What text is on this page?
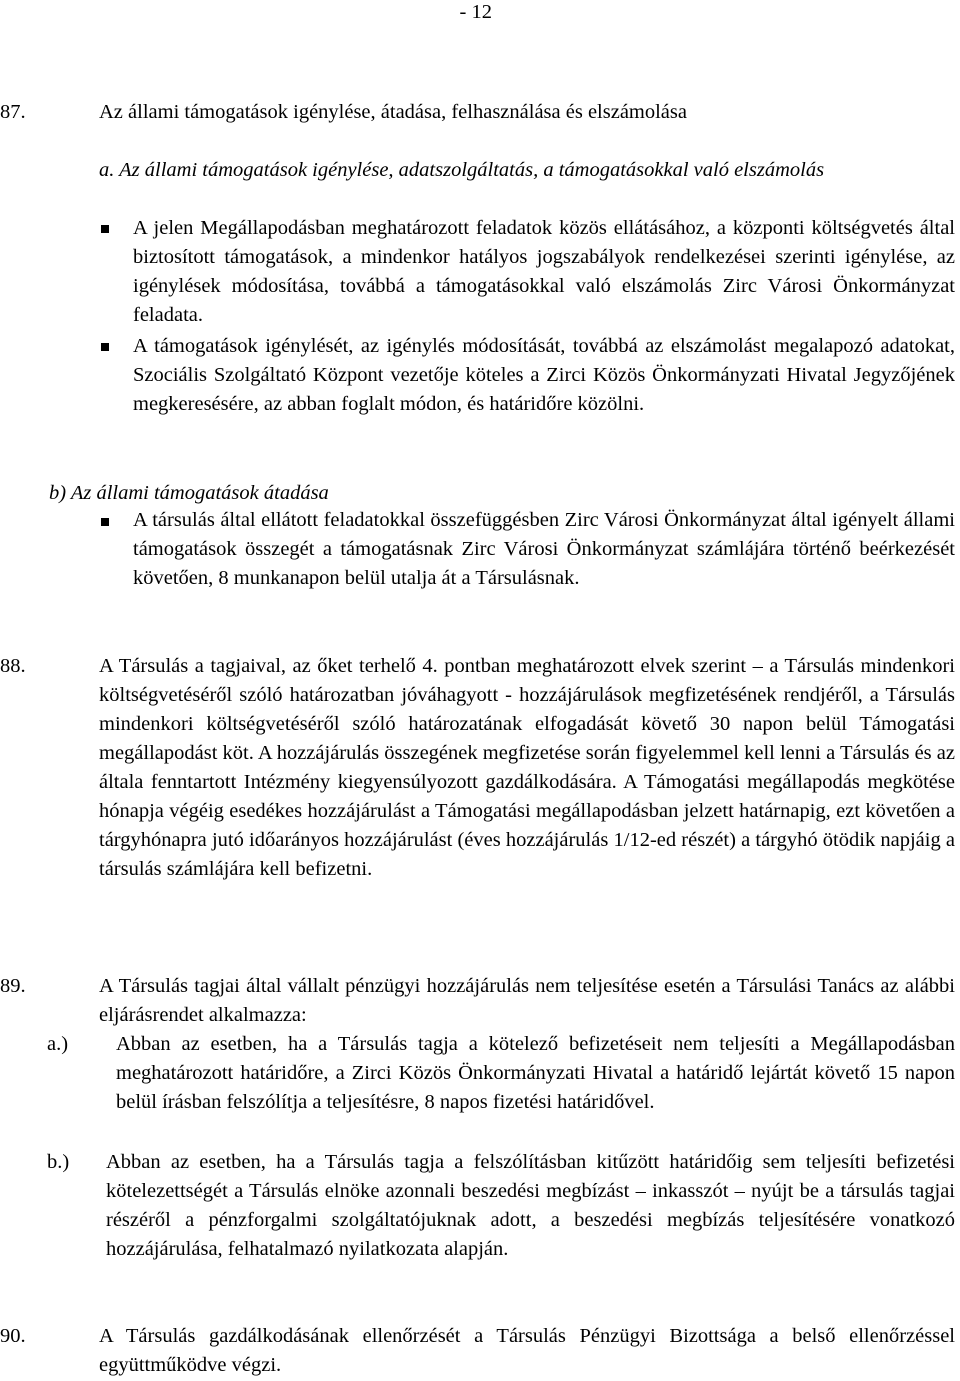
- 12
87.	Az állami támogatások igénylése, átadása, felhasználása és elszámolása
a. Az állami támogatások igénylése, adatszolgáltatás, a támogatásokkal való elszámolás
A jelen Megállapodásban meghatározott feladatok közös ellátásához, a központi költségvetés által biztosított támogatások, a mindenkor hatályos jogszabályok rendelkezései szerinti igénylése, az igénylések módosítása, továbbá a támogatásokkal való elszámolás Zirc Városi Önkormányzat feladata.
A támogatások igénylését, az igénylés módosítását, továbbá az elszámolást megalapozó adatokat, Szociális Szolgáltató Központ vezetője köteles a Zirci Közös Önkormányzati Hivatal Jegyzőjének megkeresésére, az abban foglalt módon, és határidőre közölni.
b) Az állami támogatások átadása
A társulás által ellátott feladatokkal összefüggésben Zirc Városi Önkormányzat által igényelt állami támogatások összegét a támogatásnak Zirc Városi Önkormányzat számlájára történő beérkezését követően, 8 munkanapon belül utalja át a Társulásnak.
88.	A Társulás a tagjaival, az őket terhelő 4. pontban meghatározott elvek szerint – a Társulás mindenkori költségvetéséről szóló határozatban jóváhagyott - hozzájárulások megfizetésének rendjéről, a Társulás mindenkori költségvetéséről szóló határozatának elfogadását követő 30 napon belül Támogatási megállapodást köt. A hozzájárulás összegének megfizetése során figyelemmel kell lenni a Társulás és az általa fenntartott Intézmény kiegyensúlyozott gazdálkodására. A Támogatási megállapodás megkötése hónapja végéig esedékes hozzájárulást a Támogatási megállapodásban jelzett határnapig, ezt követően a tárgyhónapra jutó időarányos hozzájárulást (éves hozzájárulás 1/12-ed részét) a tárgyhó ötödik napjáig a társulás számlájára kell befizetni.
89.	A Társulás tagjai által vállalt pénzügyi hozzájárulás nem teljesítése esetén a Társulási Tanács az alábbi eljárásrendet alkalmazza:
a.) Abban az esetben, ha a Társulás tagja a kötelező befizetéseit nem teljesíti a Megállapodásban meghatározott határidőre, a Zirci Közös Önkormányzati Hivatal a határidő lejártát követő 15 napon belül írásban felszólítja a teljesítésre, 8 napos fizetési határidővel.
b.) Abban az esetben, ha a Társulás tagja a felszólításban kitűzött határidőig sem teljesíti befizetési kötelezettségét a Társulás elnöke azonnali beszedési megbízást – inkasszót – nyújt be a társulás tagjai részéről a pénzforgalmi szolgáltatójuknak adott, a beszedési megbízás teljesítésére vonatkozó hozzájárulása, felhatalmazó nyilatkozata alapján.
90.	A Társulás gazdálkodásának ellenőrzését a Társulás Pénzügyi Bizottsága a belső ellenőrzéssel együttműködve végzi.
